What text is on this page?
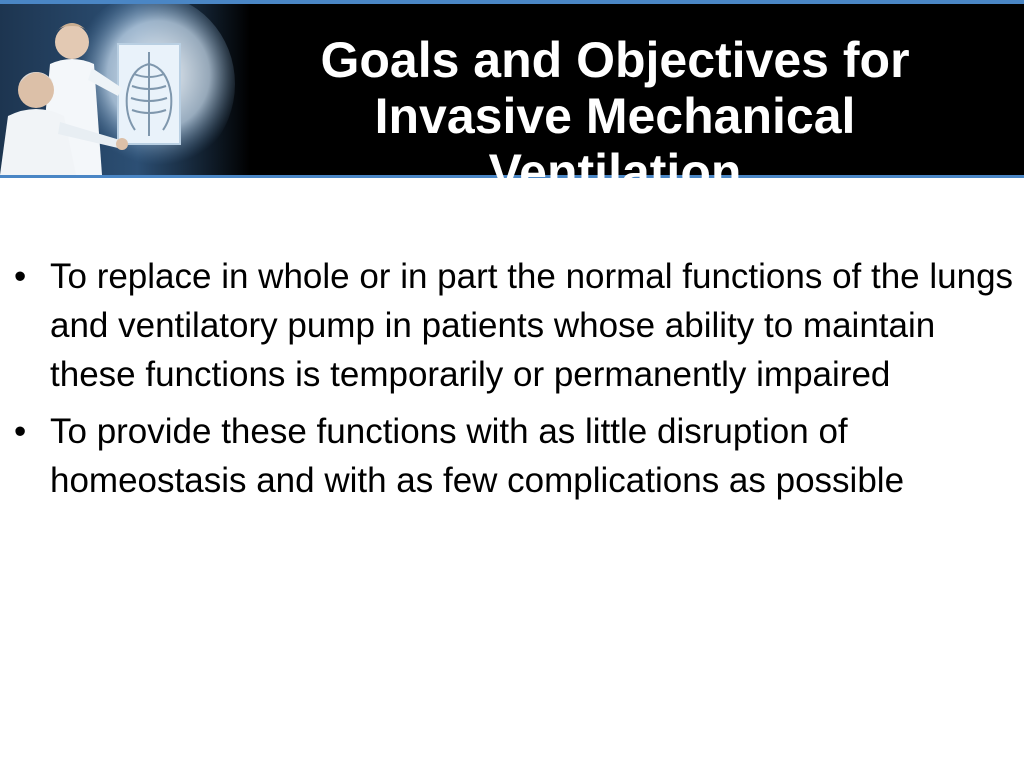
Goals and Objectives for Invasive Mechanical Ventilation
• To replace in whole or in part the normal functions of the lungs and ventilatory pump in patients whose ability to maintain these functions is temporarily or permanently impaired
• To provide these functions with as little disruption of homeostasis and with as few complications as possible
